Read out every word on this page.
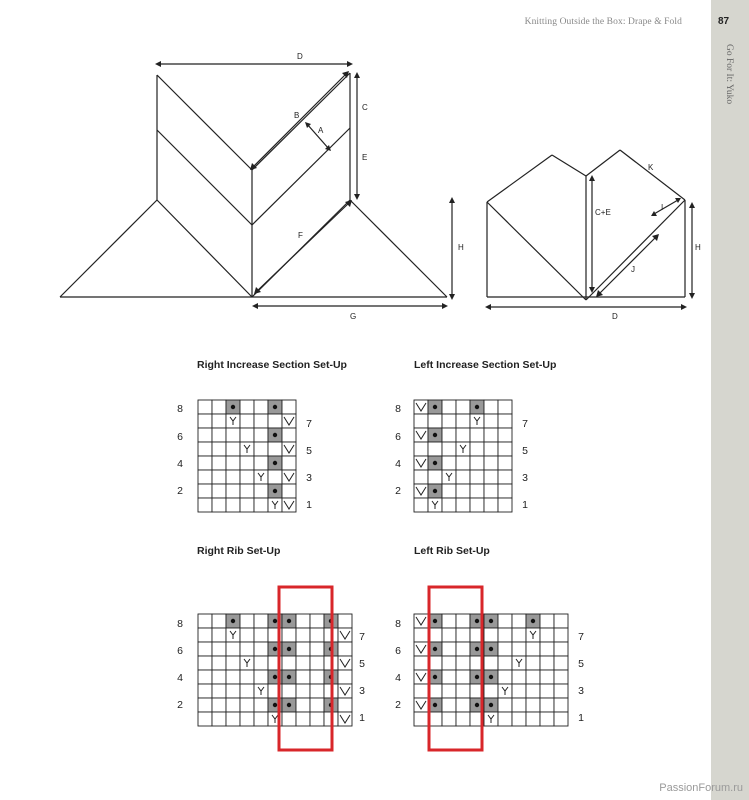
Go For It: Yuko
Knitting Outside the Box: Drape & Fold	87
D
C
B
A
E
F
G
H
K
C+E
I
J
H
D
Right Increase Section Set-Up	Left Increase Section Set-Up
Right Rib Set-Up	Left Rib Set-Up
8
6
4
2
7
5
3
1
8
6
4
2
7
5
3
1
8
6
4
2
7
5
3
1
8
6
4
2
7
5
3
1
PassionForum.ru
